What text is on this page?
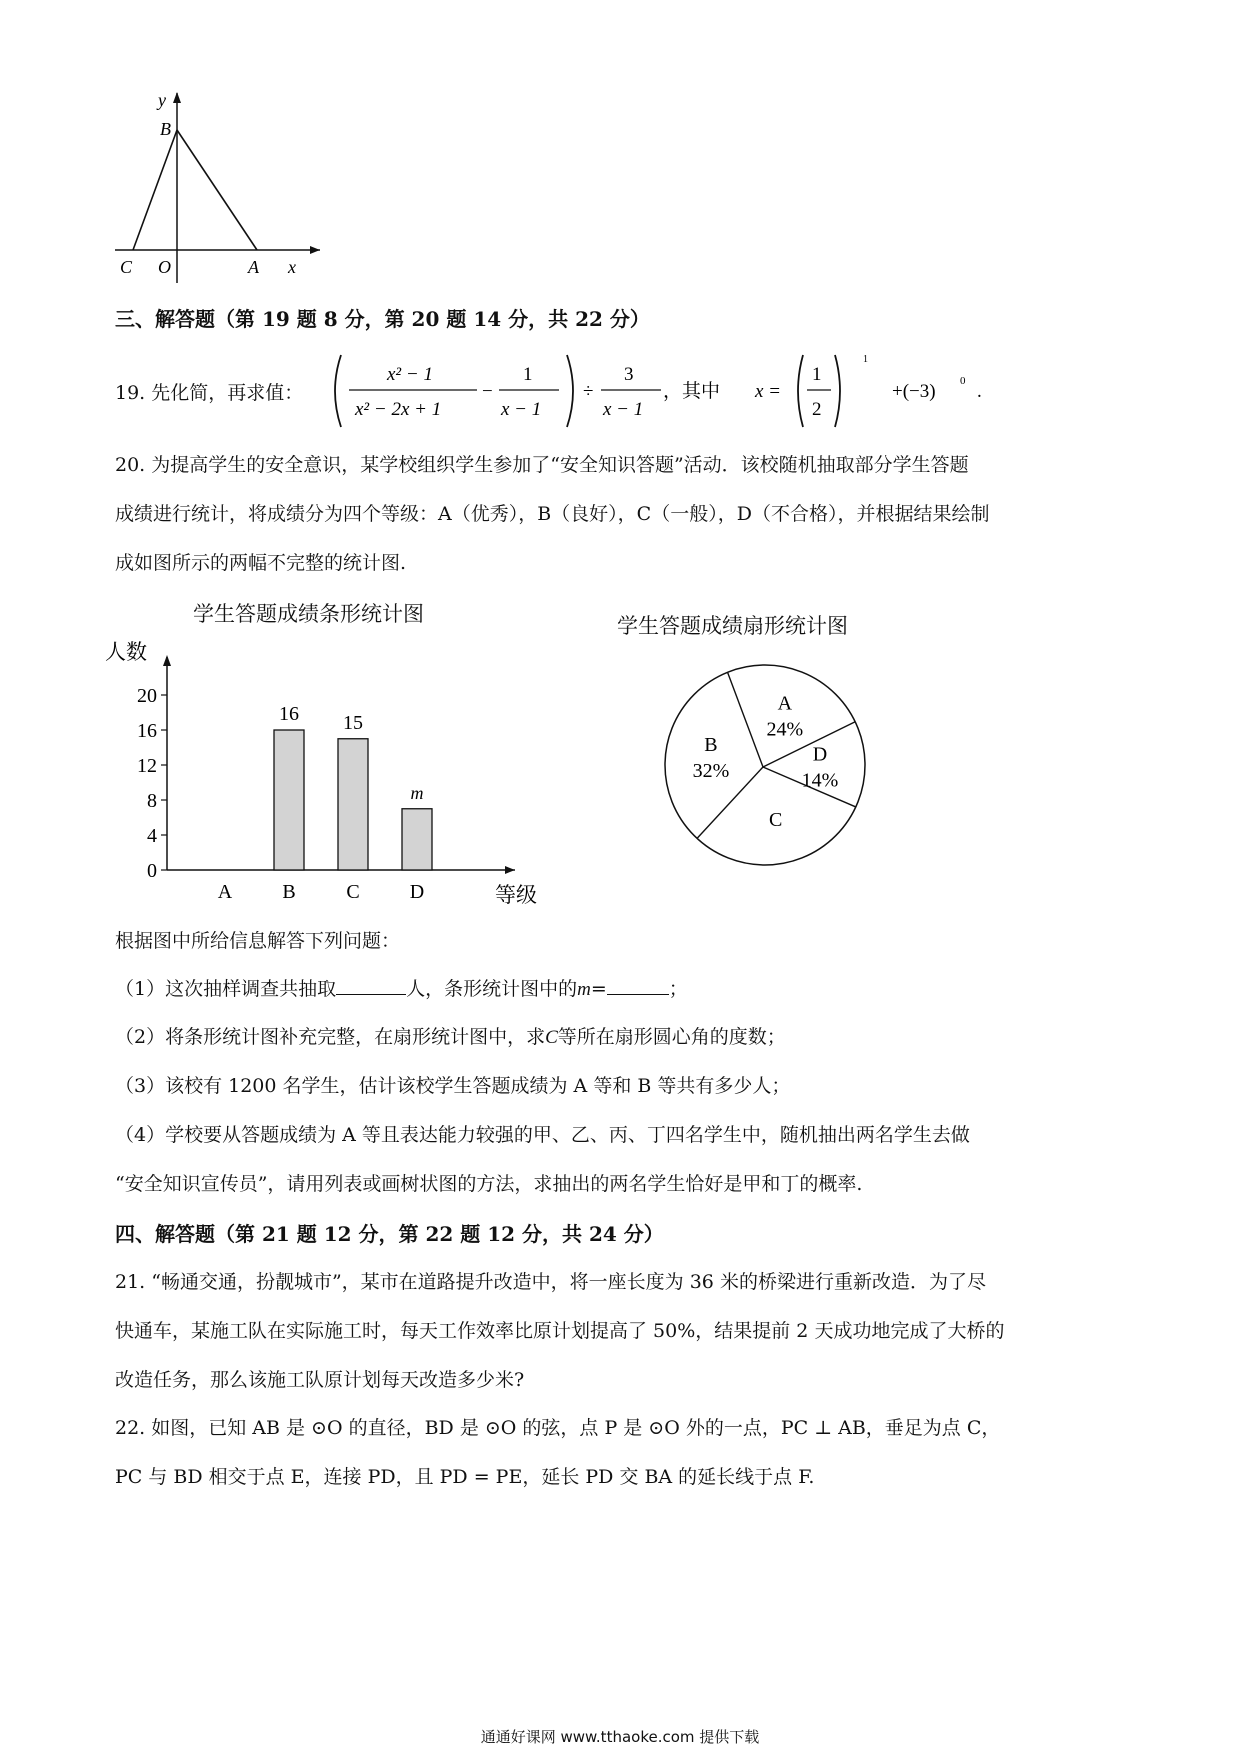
y
x
B
C O	A
三、解答题（第 19 题 8 分，第 20 题 14 分，共 22 分）
19. 先化简，再求值：
x² − 1
x² − 2x + 1
−
1
x − 1
÷
3
x − 1
，其中 x =
1
2
1
+(−3) 0 .
20. 为提高学生的安全意识，某学校组织学生参加了“安全知识答题”活动．该校随机抽取部分学生答题
成绩进行统计，将成绩分为四个等级：A（优秀），B（良好），C（一般），D（不合格），并根据结果绘制
成如图所示的两幅不完整的统计图.
学生答题成绩条形统计图
人数
等级
0
4
8
12
16
20
A	B
16
C
15
D
m
学生答题成绩扇形统计图
A
24%
D
14%
C
B
32%
根据图中所给信息解答下列问题：
（1）这次抽样调查共抽取	人，条形统计图中的m=	；
（2）将条形统计图补充完整，在扇形统计图中，求C等所在扇形圆心角的度数；
（3）该校有 1200 名学生，估计该校学生答题成绩为 A 等和 B 等共有多少人；
（4）学校要从答题成绩为 A 等且表达能力较强的甲、乙、丙、丁四名学生中，随机抽出两名学生去做
“安全知识宣传员”，请用列表或画树状图的方法，求抽出的两名学生恰好是甲和丁的概率.
四、解答题（第 21 题 12 分，第 22 题 12 分，共 24 分）
21. “畅通交通，扮靓城市”，某市在道路提升改造中，将一座长度为 36 米的桥梁进行重新改造．为了尽
快通车，某施工队在实际施工时，每天工作效率比原计划提高了 50%，结果提前 2 天成功地完成了大桥的
改造任务，那么该施工队原计划每天改造多少米?
22. 如图，已知 AB 是 ⊙O 的直径，BD 是 ⊙O 的弦，点 P 是 ⊙O 外的一点，PC ⊥ AB，垂足为点 C，
PC 与 BD 相交于点 E，连接 PD，且 PD = PE，延长 PD 交 BA 的延长线于点 F.
通通好课网 www.tthaoke.com 提供下载
